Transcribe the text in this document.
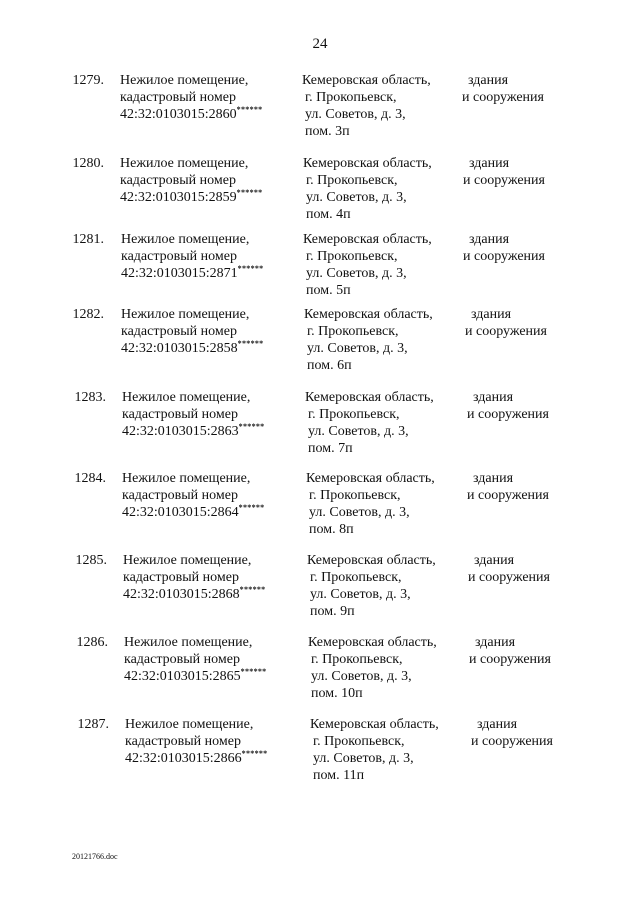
24
1279. Нежилое помещение,
кадастровый номер
42:32:0103015:2860******
Кемеровская область,
г. Прокопьевск,
ул. Советов, д. 3,
пом. 3п
здания
и сооружения
1280. Нежилое помещение,
кадастровый номер
42:32:0103015:2859******
Кемеровская область,
г. Прокопьевск,
ул. Советов, д. 3,
пом. 4п
здания
и сооружения
1281. Нежилое помещение,
кадастровый номер
42:32:0103015:2871******
Кемеровская область,
г. Прокопьевск,
ул. Советов, д. 3,
пом. 5п
здания
и сооружения
1282. Нежилое помещение,
кадастровый номер
42:32:0103015:2858******
Кемеровская область,
г. Прокопьевск,
ул. Советов, д. 3,
пом. 6п
здания
и сооружения
1283. Нежилое помещение,
кадастровый номер
42:32:0103015:2863******
Кемеровская область,
г. Прокопьевск,
ул. Советов, д. 3,
пом. 7п
здания
и сооружения
1284. Нежилое помещение,
кадастровый номер
42:32:0103015:2864******
Кемеровская область,
г. Прокопьевск,
ул. Советов, д. 3,
пом. 8п
здания
и сооружения
1285. Нежилое помещение,
кадастровый номер
42:32:0103015:2868******
Кемеровская область,
г. Прокопьевск,
ул. Советов, д. 3,
пом. 9п
здания
и сооружения
1286. Нежилое помещение,
кадастровый номер
42:32:0103015:2865******
Кемеровская область,
г. Прокопьевск,
ул. Советов, д. 3,
пом. 10п
здания
и сооружения
1287. Нежилое помещение,
кадастровый номер
42:32:0103015:2866******
Кемеровская область,
г. Прокопьевск,
ул. Советов, д. 3,
пом. 11п
здания
и сооружения
20121766.doc
